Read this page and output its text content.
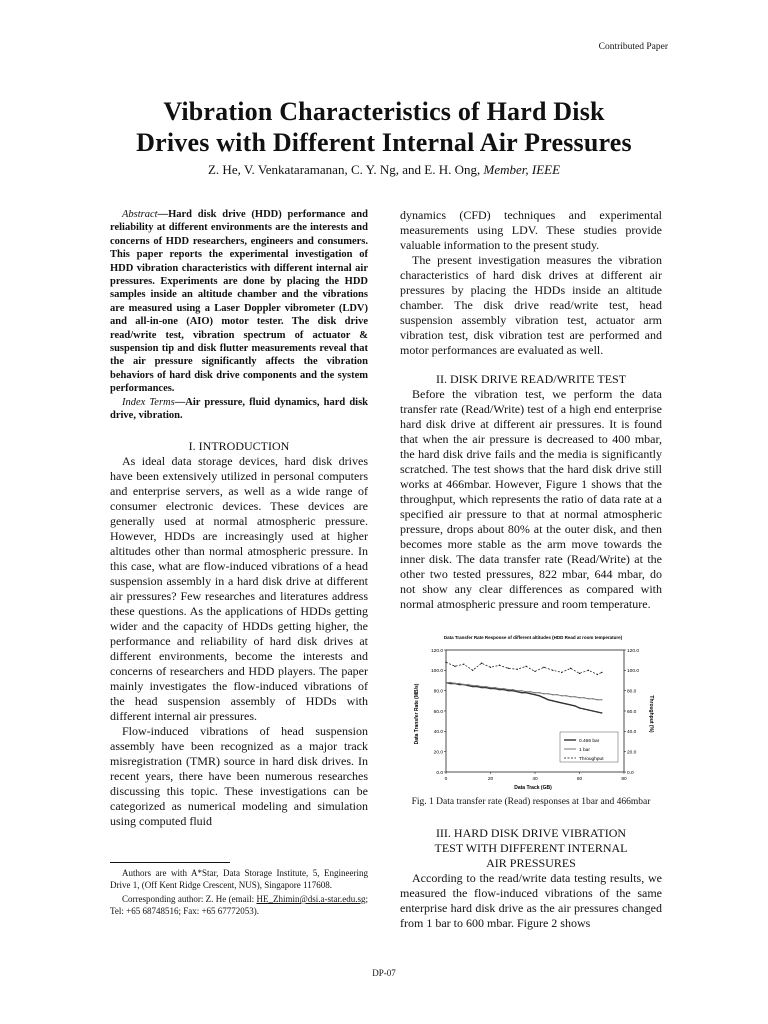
Contributed Paper
Vibration Characteristics of Hard Disk
Drives with Different Internal Air Pressures
Z. He, V. Venkataramanan, C. Y. Ng, and E. H. Ong, Member, IEEE

Abstract—Hard disk drive (HDD) performance and reliability at different environments are the interests and concerns of HDD researchers, engineers and consumers. This paper reports the experimental investigation of HDD vibration characteristics with different internal air pressures. Experiments are done by placing the HDD samples inside an altitude chamber and the vibrations are measured using a Laser Doppler vibrometer (LDV) and all-in-one (AIO) motor tester. The disk drive read/write test, vibration spectrum of actuator & suspension tip and disk flutter measurements reveal that the air pressure significantly affects the vibration behaviors of hard disk drive components and the system performances.

Index Terms—Air pressure, fluid dynamics, hard disk drive, vibration.

I. INTRODUCTION

As ideal data storage devices, hard disk drives have been extensively utilized in personal computers and enterprise servers, as well as a wide range of consumer electronic devices. These devices are generally used at normal atmospheric pressure. However, HDDs are increasingly used at higher altitudes other than normal atmospheric pressure. In this case, what are flow-induced vibrations of a head suspension assembly in a hard disk drive at different air pressures? Few researches and literatures address these questions. As the applications of HDDs getting wider and the capacity of HDDs getting higher, the performance and reliability of hard disk drives at different environments, become the interests and concerns of researchers and HDD players. The paper mainly investigates the flow-induced vibrations of the head suspension assembly of HDDs with different internal air pressures.

Flow-induced vibrations of head suspension assembly have been recognized as a major track misregistration (TMR) source in hard disk drives. In recent years, there have been numerous researches discussing this topic. These investigations can be categorized as numerical modeling and simulation using computed fluid

Authors are with A*Star, Data Storage Institute, 5, Engineering Drive 1, (Off Kent Ridge Crescent, NUS), Singapore 117608.

Corresponding author: Z. He (email: HE_Zhimin@dsi.a-star.edu.sg; Tel: +65 68748516; Fax: +65 67772053).

dynamics (CFD) techniques and experimental measurements using LDV. These studies provide valuable information to the present study.

The present investigation measures the vibration characteristics of hard disk drives at different air pressures by placing the HDDs inside an altitude chamber. The disk drive read/write test, head suspension assembly vibration test, actuator arm vibration test, disk vibration test are performed and motor performances are evaluated as well.

II. DISK DRIVE READ/WRITE TEST

Before the vibration test, we perform the data transfer rate (Read/Write) test of a high end enterprise hard disk drive at different air pressures. It is found that when the air pressure is decreased to 400 mbar, the hard disk drive fails and the media is significantly scratched. The test shows that the hard disk drive still works at 466mbar. However, Figure 1 shows that the throughput, which represents the ratio of data rate at a specified air pressure to that at normal atmospheric pressure, drops about 80% at the outer disk, and then becomes more stable as the arm move towards the inner disk. The data transfer rate (Read/Write) at the other two tested pressures, 822 mbar, 644 mbar, do not show any clear differences as compared with normal atmospheric pressure and room temperature.

Data Transfer Rate Response of different altitudes (HDD Read at room temperature)
0.0
20.0
40.0
60.0
80.0
100.0
120.0
0.0
20.0
40.0
60.0
80.0
100.0
120.0
0	20	40	60	80
Data Track (GB)
Data Transfer Rate (MB/s)	Throughput (%)
0.466 bar
1 bar
Throughput
Fig. 1 Data transfer rate (Read) responses at 1bar and 466mbar
III. HARD DISK DRIVE VIBRATION
TEST WITH DIFFERENT INTERNAL
AIR PRESSURES

According to the read/write data testing results, we measured the flow-induced vibrations of the same enterprise hard disk drive as the air pressures changed from 1 bar to 600 mbar. Figure 2 shows

DP-07
